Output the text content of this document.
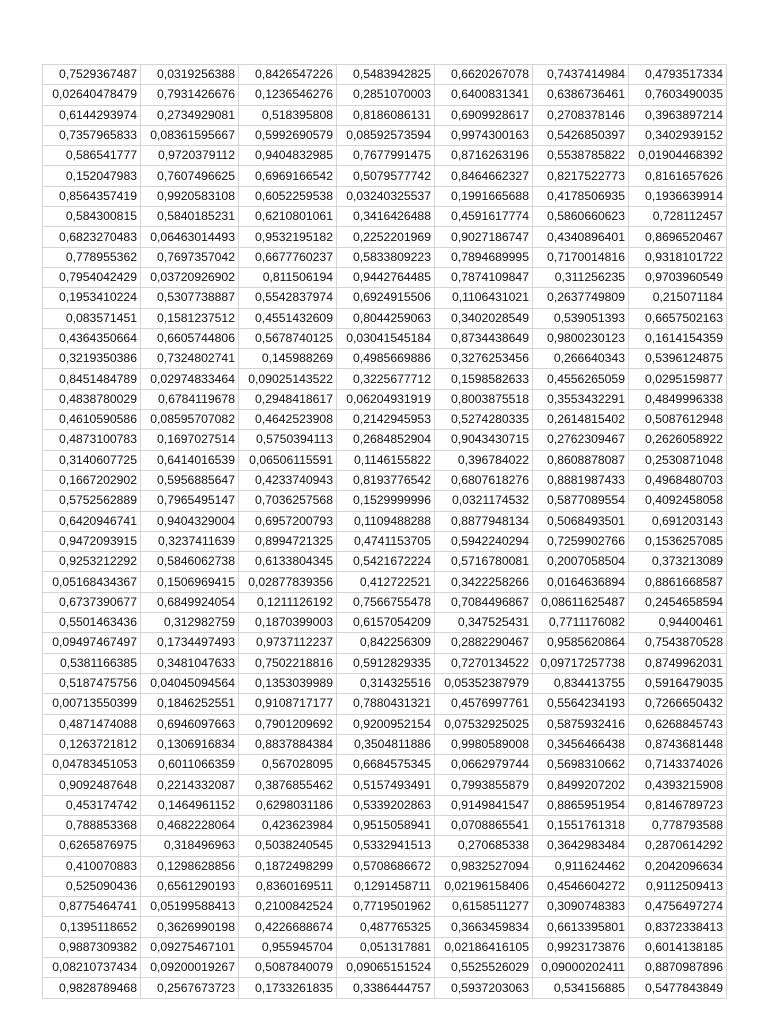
0,7529367487	0,0319256388	0,8426547226	0,5483942825	0,6620267078	0,7437414984	0,4793517334
0,02640478479	0,7931426676	0,1236546276	0,2851070003	0,6400831341	0,6386736461	0,7603490035
0,6144293974	0,2734929081	0,518395808	0,8186086131	0,6909928617	0,2708378146	0,3963897214
0,7357965833	0,08361595667	0,5992690579	0,08592573594	0,9974300163	0,5426850397	0,3402939152
0,586541777	0,9720379112	0,9404832985	0,7677991475	0,8716263196	0,5538785822	0,01904468392
0,152047983	0,7607496625	0,6969166542	0,5079577742	0,8464662327	0,8217522773	0,8161657626
0,8564357419	0,9920583108	0,6052259538	0,03240325537	0,1991665688	0,4178506935	0,1936639914
0,584300815	0,5840185231	0,6210801061	0,3416426488	0,4591617774	0,5860660623	0,728112457
0,6823270483	0,06463014493	0,9532195182	0,2252201969	0,9027186747	0,4340896401	0,8696520467
0,778955362	0,7697357042	0,6677760237	0,5833809223	0,7894689995	0,7170014816	0,9318101722
0,7954042429	0,03720926902	0,811506194	0,9442764485	0,7874109847	0,311256235	0,9703960549
0,1953410224	0,5307738887	0,5542837974	0,6924915506	0,1106431021	0,2637749809	0,215071184
0,083571451	0,1581237512	0,4551432609	0,8044259063	0,3402028549	0,539051393	0,6657502163
0,4364350664	0,6605744806	0,5678740125	0,03041545184	0,8734438649	0,9800230123	0,1614154359
0,3219350386	0,7324802741	0,145988269	0,4985669886	0,3276253456	0,266640343	0,5396124875
0,8451484789	0,02974833464	0,09025143522	0,3225677712	0,1598582633	0,4556265059	0,0295159877
0,4838780029	0,6784119678	0,2948418617	0,06204931919	0,8003875518	0,3553432291	0,4849996338
0,4610590586	0,08595707082	0,4642523908	0,2142945953	0,5274280335	0,2614815402	0,5087612948
0,4873100783	0,1697027514	0,5750394113	0,2684852904	0,9043430715	0,2762309467	0,2626058922
0,3140607725	0,6414016539	0,06506115591	0,1146155822	0,396784022	0,8608878087	0,2530871048
0,1667202902	0,5956885647	0,4233740943	0,8193776542	0,6807618276	0,8881987433	0,4968480703
0,5752562889	0,7965495147	0,7036257568	0,1529999996	0,0321174532	0,5877089554	0,4092458058
0,6420946741	0,9404329004	0,6957200793	0,1109488288	0,8877948134	0,5068493501	0,691203143
0,9472093915	0,3237411639	0,8994721325	0,4741153705	0,5942240294	0,7259902766	0,1536257085
0,9253212292	0,5846062738	0,6133804345	0,5421672224	0,5716780081	0,2007058504	0,373213089
0,05168434367	0,1506969415	0,02877839356	0,412722521	0,3422258266	0,0164636894	0,8861668587
0,6737390677	0,6849924054	0,1211126192	0,7566755478	0,7084496867	0,08611625487	0,2454658594
0,5501463436	0,312982759	0,1870399003	0,6157054209	0,347525431	0,7711176082	0,94400461
0,09497467497	0,1734497493	0,9737112237	0,842256309	0,2882290467	0,9585620864	0,7543870528
0,5381166385	0,3481047633	0,7502218816	0,5912829335	0,7270134522	0,09717257738	0,8749962031
0,5187475756	0,04045094564	0,1353039989	0,314325516	0,05352387979	0,834413755	0,5916479035
0,00713550399	0,1846252551	0,9108717177	0,7880431321	0,4576997761	0,5564234193	0,7266650432
0,4871474088	0,6946097663	0,7901209692	0,9200952154	0,07532925025	0,5875932416	0,6268845743
0,1263721812	0,1306916834	0,8837884384	0,3504811886	0,9980589008	0,3456466438	0,8743681448
0,04783451053	0,6011066359	0,567028095	0,6684575345	0,0662979744	0,5698310662	0,7143374026
0,9092487648	0,2214332087	0,3876855462	0,5157493491	0,7993855879	0,8499207202	0,4393215908
0,453174742	0,1464961152	0,6298031186	0,5339202863	0,9149841547	0,8865951954	0,8146789723
0,788853368	0,4682228064	0,423623984	0,9515058941	0,0708865541	0,1551761318	0,778793588
0,6265876975	0,318496963	0,5038240545	0,5332941513	0,270685338	0,3642983484	0,2870614292
0,410070883	0,1298628856	0,1872498299	0,5708686672	0,9832527094	0,911624462	0,2042096634
0,525090436	0,6561290193	0,8360169511	0,1291458711	0,02196158406	0,4546604272	0,9112509413
0,8775464741	0,05199588413	0,2100842524	0,7719501962	0,6158511277	0,3090748383	0,4756497274
0,1395118652	0,3626990198	0,4226688674	0,487765325	0,3663459834	0,6613395801	0,8372338413
0,9887309382	0,09275467101	0,955945704	0,051317881	0,02186416105	0,9923173876	0,6014138185
0,08210737434	0,09200019267	0,5087840079	0,09065151524	0,5525526029	0,09000202411	0,8870987896
0,9828789468	0,2567673723	0,1733261835	0,3386444757	0,5937203063	0,534156885	0,5477843849
